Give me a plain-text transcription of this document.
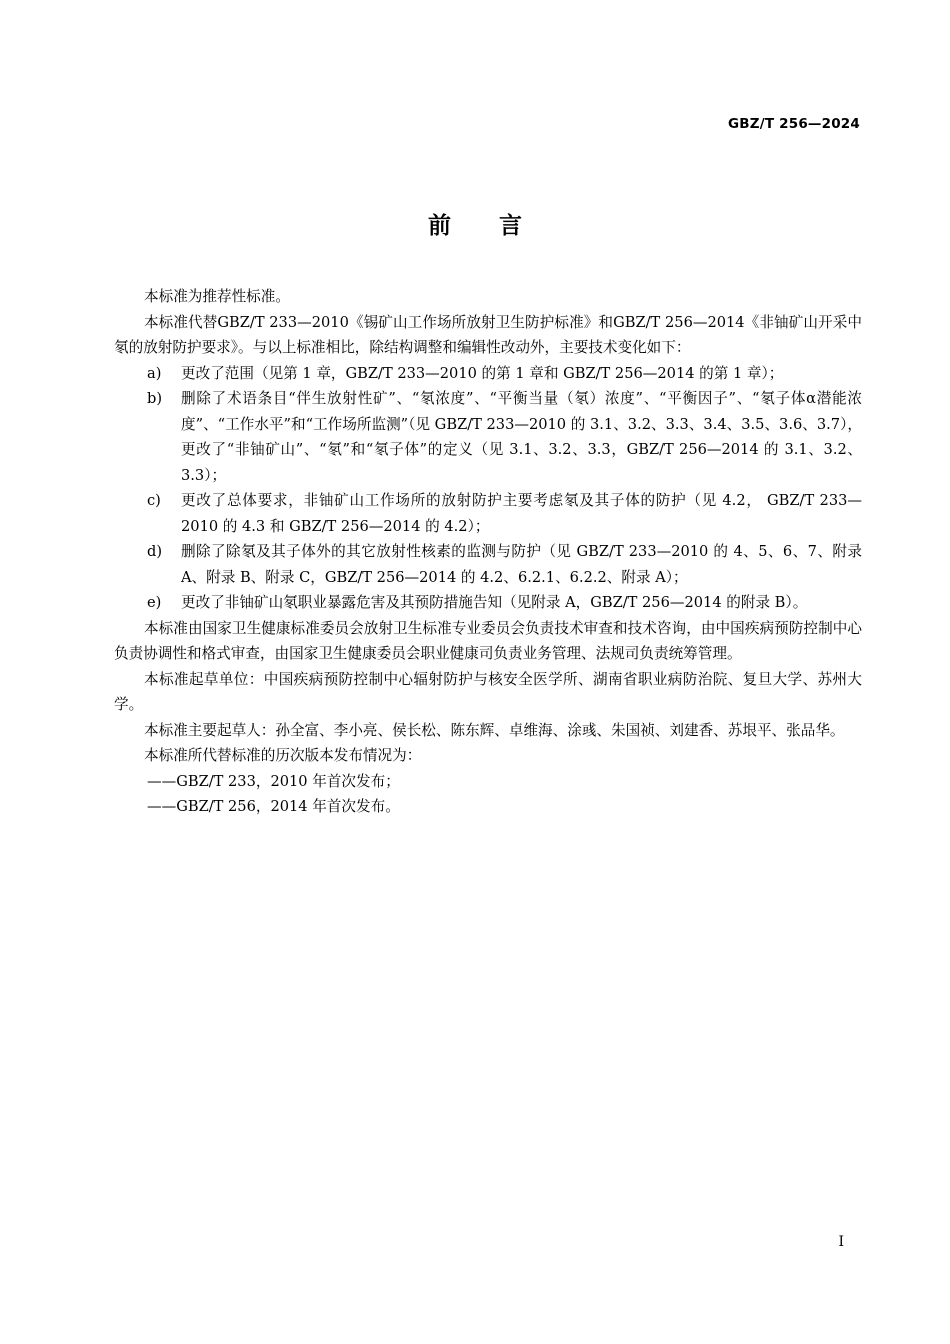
GBZ/T 256—2024
前 言

本标准为推荐性标准。

本标准代替GBZ/T 233—2010《锡矿山工作场所放射卫生防护标准》和GBZ/T 256—2014《非铀矿山开采中氡的放射防护要求》。与以上标准相比，除结构调整和编辑性改动外，主要技术变化如下：

a) 更改了范围（见第 1 章，GBZ/T 233—2010 的第 1 章和 GBZ/T 256—2014 的第 1 章）；
b) 删除了术语条目“伴生放射性矿”、“氡浓度”、“平衡当量（氡）浓度”、“平衡因子”、“氡子体α潜能浓度”、“工作水平”和“工作场所监测”（见 GBZ/T 233—2010 的 3.1、3.2、3.3、3.4、3.5、3.6、3.7），更改了“非铀矿山”、“氡”和“氡子体”的定义（见 3.1、3.2、3.3，GBZ/T 256—2014 的 3.1、3.2、3.3）；
c) 更改了总体要求，非铀矿山工作场所的放射防护主要考虑氡及其子体的防护（见 4.2， GBZ/T 233—2010 的 4.3 和 GBZ/T 256—2014 的 4.2）；
d) 删除了除氡及其子体外的其它放射性核素的监测与防护（见 GBZ/T 233—2010 的 4、5、6、7、附录 A、附录 B、附录 C，GBZ/T 256—2014 的 4.2、6.2.1、6.2.2、附录 A）；
e) 更改了非铀矿山氡职业暴露危害及其预防措施告知（见附录 A，GBZ/T 256—2014 的附录 B）。

本标准由国家卫生健康标准委员会放射卫生标准专业委员会负责技术审查和技术咨询，由中国疾病预防控制中心负责协调性和格式审查，由国家卫生健康委员会职业健康司负责业务管理、法规司负责统筹管理。

本标准起草单位：中国疾病预防控制中心辐射防护与核安全医学所、湖南省职业病防治院、复旦大学、苏州大学。

本标准主要起草人：孙全富、李小亮、侯长松、陈东辉、卓维海、涂彧、朱国祯、刘建香、苏垠平、张品华。

本标准所代替标准的历次版本发布情况为：

——GBZ/T 233，2010 年首次发布；

——GBZ/T 256，2014 年首次发布。

I
